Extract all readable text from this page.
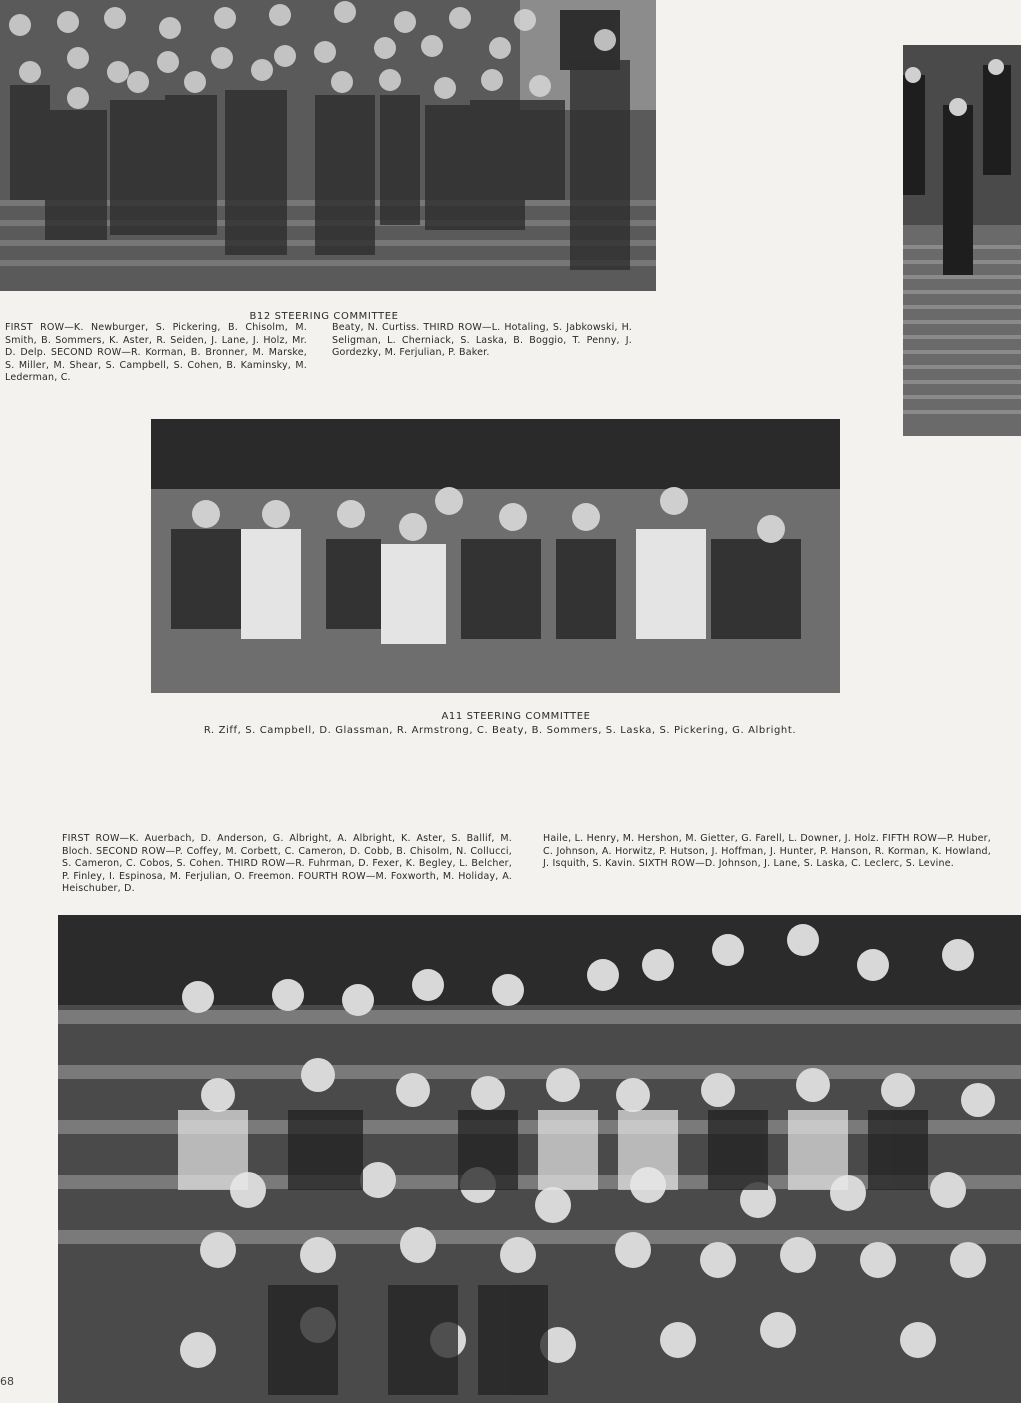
B12 STEERING COMMITTEE
FIRST ROW—K. Newburger, S. Pickering, B. Chisolm, M. Smith, B. Sommers, K. Aster, R. Seiden, J. Lane, J. Holz, Mr. D. Delp. SECOND ROW—R. Korman, B. Bronner, M. Marske, S. Miller, M. Shear, S. Campbell, S. Cohen, B. Kaminsky, M. Lederman, C.
Beaty, N. Curtiss. THIRD ROW—L. Hotaling, S. Jabkowski, H. Seligman, L. Cherniack, S. Laska, B. Boggio, T. Penny, J. Gordezky, M. Ferjulian, P. Baker.
A11 STEERING COMMITTEE
R. Ziff, S. Campbell, D. Glassman, R. Armstrong, C. Beaty, B. Sommers, S. Laska, S. Pickering, G. Albright.
FIRST ROW—K. Auerbach, D. Anderson, G. Albright, A. Albright, K. Aster, S. Ballif, M. Bloch. SECOND ROW—P. Coffey, M. Corbett, C. Cameron, D. Cobb, B. Chisolm, N. Collucci, S. Cameron, C. Cobos, S. Cohen. THIRD ROW—R. Fuhrman, D. Fexer, K. Begley, L. Belcher, P. Finley, I. Espinosa, M. Ferjulian, O. Freemon. FOURTH ROW—M. Foxworth, M. Holiday, A. Heischuber, D.
Haile, L. Henry, M. Hershon, M. Gietter, G. Farell, L. Downer, J. Holz. FIFTH ROW—P. Huber, C. Johnson, A. Horwitz, P. Hutson, J. Hoffman, J. Hunter, P. Hanson, R. Korman, K. Howland, J. Isquith, S. Kavin. SIXTH ROW—D. Johnson, J. Lane, S. Laska, C. Leclerc, S. Levine.
68
